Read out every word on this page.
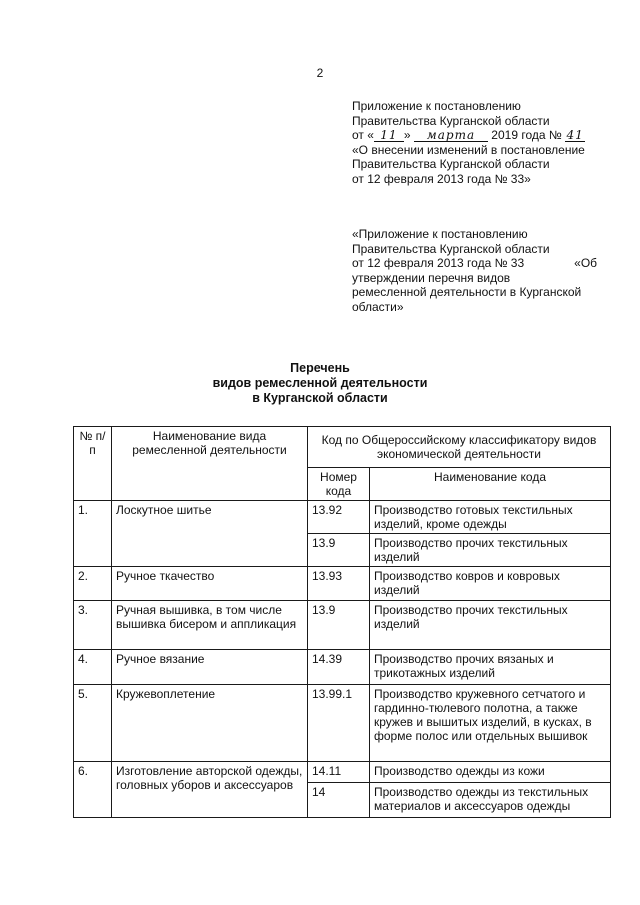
2
Приложение к постановлению
Правительства Курганской области
от « 11 » марта 2019 года № 41
«О внесении изменений в постановление
Правительства Курганской области
от 12 февраля 2013 года № 33»
«Приложение к постановлению
Правительства Курганской области
от 12 февраля 2013 года № 33	«Об
утверждении перечня видов
ремесленной деятельности в Курганской
области»
Перечень
видов ремесленной деятельности
в Курганской области
№ п/п	Наименование вида ремесленной деятельности	Код по Общероссийскому классификатору видов экономической деятельности	
		Номер кода	Наименование кода
1.	Лоскутное шитье	13.92	Производство готовых текстильных изделий, кроме одежды
		13.9	Производство прочих текстильных изделий
2.	Ручное ткачество	13.93	Производство ковров и ковровых изделий
3.	Ручная вышивка, в том числе вышивка бисером и аппликация	13.9	Производство прочих текстильных изделий
4.	Ручное вязание	14.39	Производство прочих вязаных и трикотажных изделий
5.	Кружевоплетение	13.99.1	Производство кружевного сетчатого и гардинно-тюлевого полотна, а также кружев и вышитых изделий, в кусках, в форме полос или отдельных вышивок
6.	Изготовление авторской одежды, головных уборов и аксессуаров	14.11	Производство одежды из кожи
		14	Производство одежды из текстильных материалов и аксессуаров одежды
